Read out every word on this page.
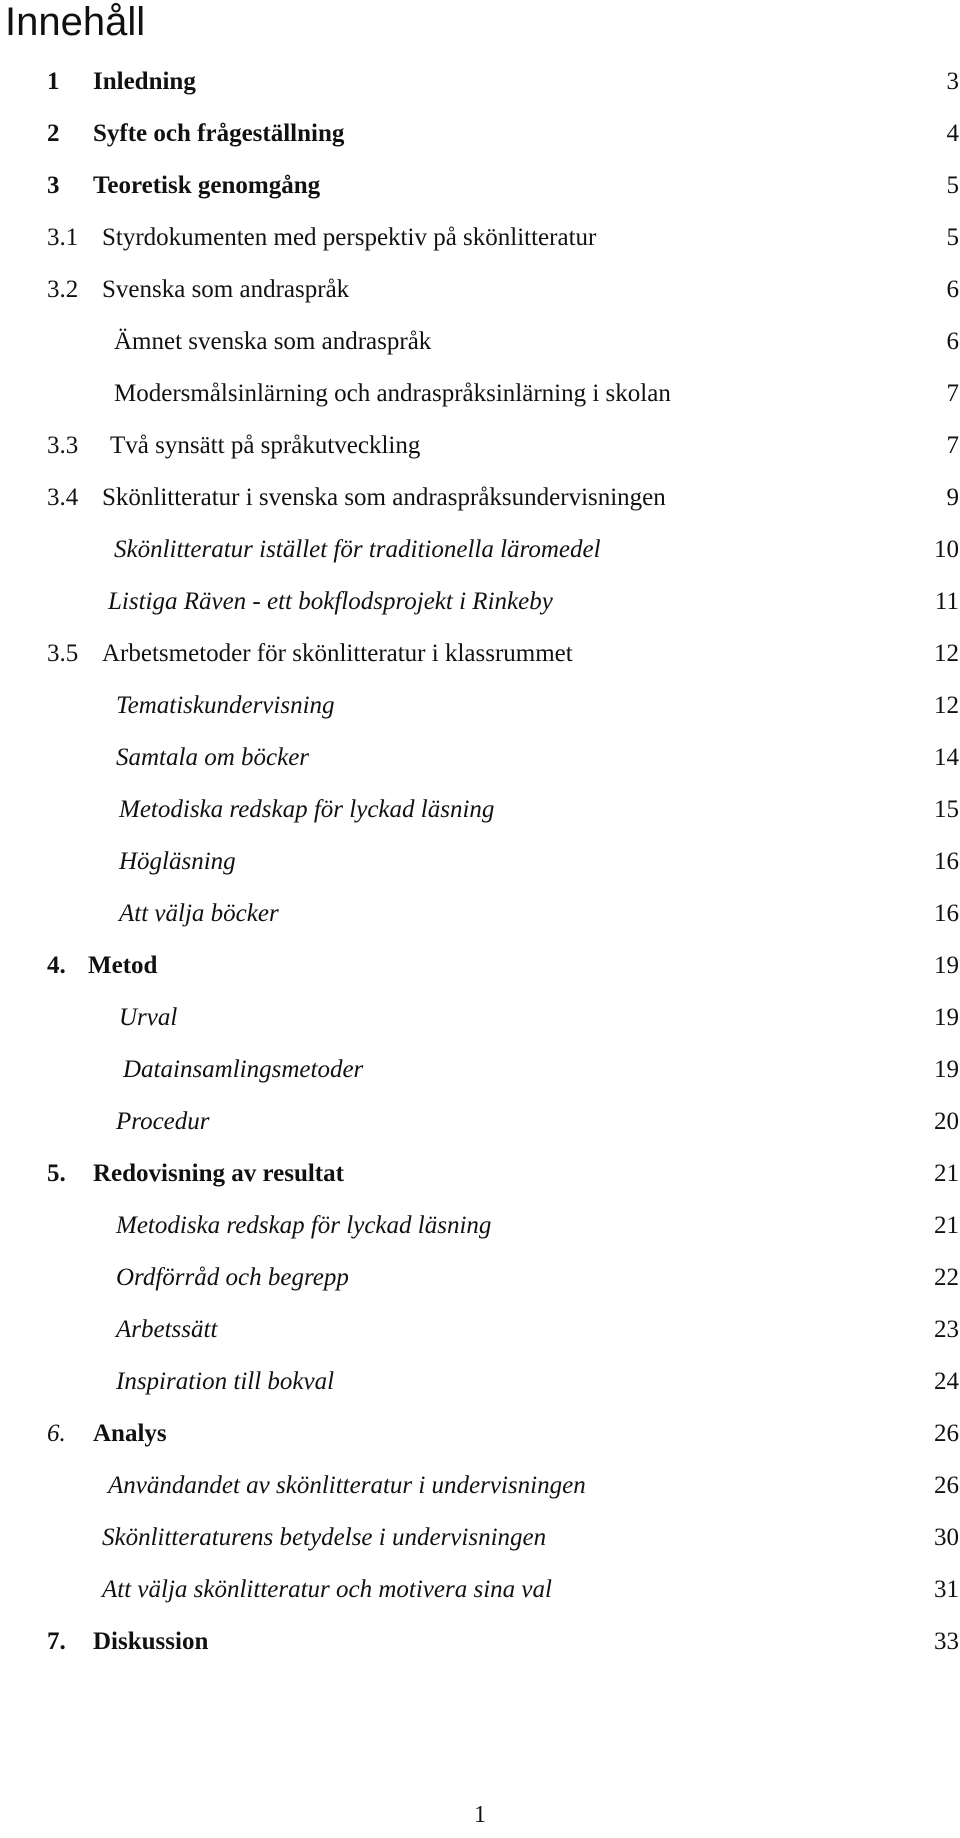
Innehåll
1 Inledning	3
2 Syfte och frågeställning	4
3 Teoretisk genomgång	5
3.1 Styrdokumenten med perspektiv på skönlitteratur	5
3.2 Svenska som andraspråk	6
Ämnet svenska som andraspråk	6
Modersmålsinlärning och andraspråksinlärning i skolan	7
3.3 Två synsätt på språkutveckling	7
3.4 Skönlitteratur i svenska som andraspråksundervisningen	9
Skönlitteratur istället för traditionella läromedel	10
Listiga Räven - ett bokflodsprojekt i Rinkeby	11
3.5 Arbetsmetoder för skönlitteratur i klassrummet	12
Tematiskundervisning	12
Samtala om böcker	14
Metodiska redskap för lyckad läsning	15
Högläsning	16
Att välja böcker	16
4. Metod	19
Urval	19
Datainsamlingsmetoder	19
Procedur	20
5. Redovisning av resultat	21
Metodiska redskap för lyckad läsning	21
Ordförråd och begrepp	22
Arbetssätt	23
Inspiration till bokval	24
6. Analys	26
Användandet av skönlitteratur i undervisningen	26
Skönlitteraturens betydelse i undervisningen	30
Att välja skönlitteratur och motivera sina val	31
7. Diskussion	33
1
